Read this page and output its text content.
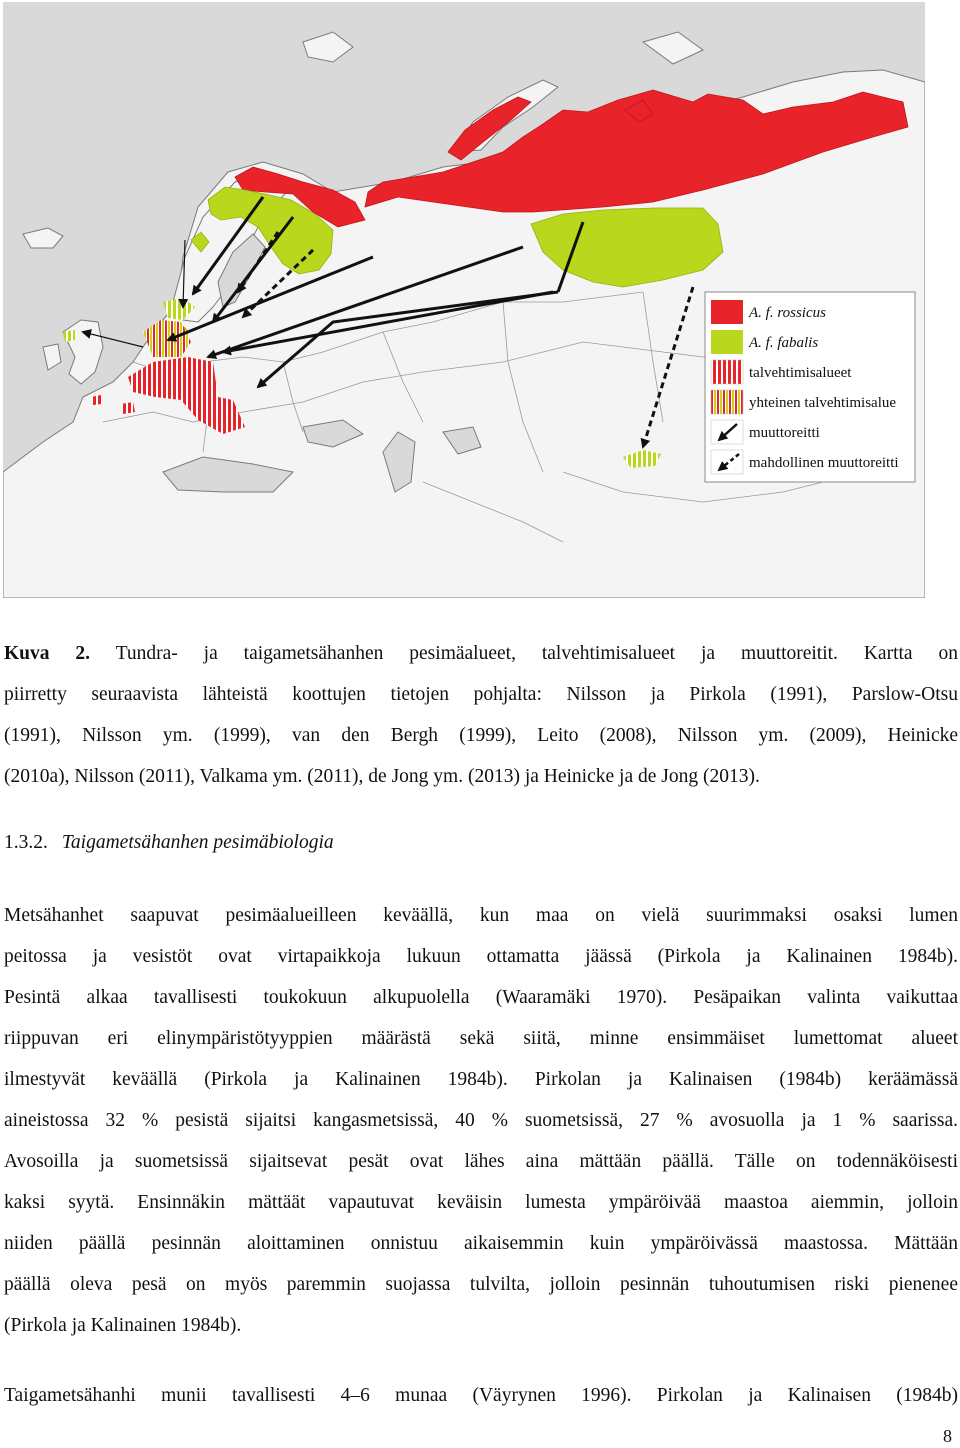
A. f. rossicus
A. f. fabalis
talvehtimisalueet
yhteinen talvehtimisalue
muuttoreitti
mahdollinen muuttoreitti
Kuva 2. Tundra- ja taigametsähanhen pesimäalueet, talvehtimisalueet ja muuttoreitit. Kartta on
piirretty seuraavista lähteistä koottujen tietojen pohjalta: Nilsson ja Pirkola (1991), Parslow-Otsu
(1991), Nilsson ym. (1999), van den Bergh (1999), Leito (2008), Nilsson ym. (2009), Heinicke
(2010a), Nilsson (2011), Valkama ym. (2011), de Jong ym. (2013) ja Heinicke ja de Jong (2013).
1.3.2. Taigametsähanhen pesimäbiologia
Metsähanhet saapuvat pesimäalueilleen keväällä, kun maa on vielä suurimmaksi osaksi lumen
peitossa ja vesistöt ovat virtapaikkoja lukuun ottamatta jäässä (Pirkola ja Kalinainen 1984b).
Pesintä alkaa tavallisesti toukokuun alkupuolella (Waaramäki 1970). Pesäpaikan valinta vaikuttaa
riippuvan eri elinympäristötyyppien määrästä sekä siitä, minne ensimmäiset lumettomat alueet
ilmestyvät keväällä (Pirkola ja Kalinainen 1984b). Pirkolan ja Kalinaisen (1984b) keräämässä
aineistossa 32 % pesistä sijaitsi kangasmetsissä, 40 % suometsissä, 27 % avosuolla ja 1 % saarissa.
Avosoilla ja suometsissä sijaitsevat pesät ovat lähes aina mättään päällä. Tälle on todennäköisesti
kaksi syytä. Ensinnäkin mättäät vapautuvat keväisin lumesta ympäröivää maastoa aiemmin, jolloin
niiden päällä pesinnän aloittaminen onnistuu aikaisemmin kuin ympäröivässä maastossa. Mättään
päällä oleva pesä on myös paremmin suojassa tulvilta, jolloin pesinnän tuhoutumisen riski pienenee
(Pirkola ja Kalinainen 1984b).
Taigametsähanhi munii tavallisesti 4–6 munaa (Väyrynen 1996). Pirkolan ja Kalinaisen (1984b)
8
